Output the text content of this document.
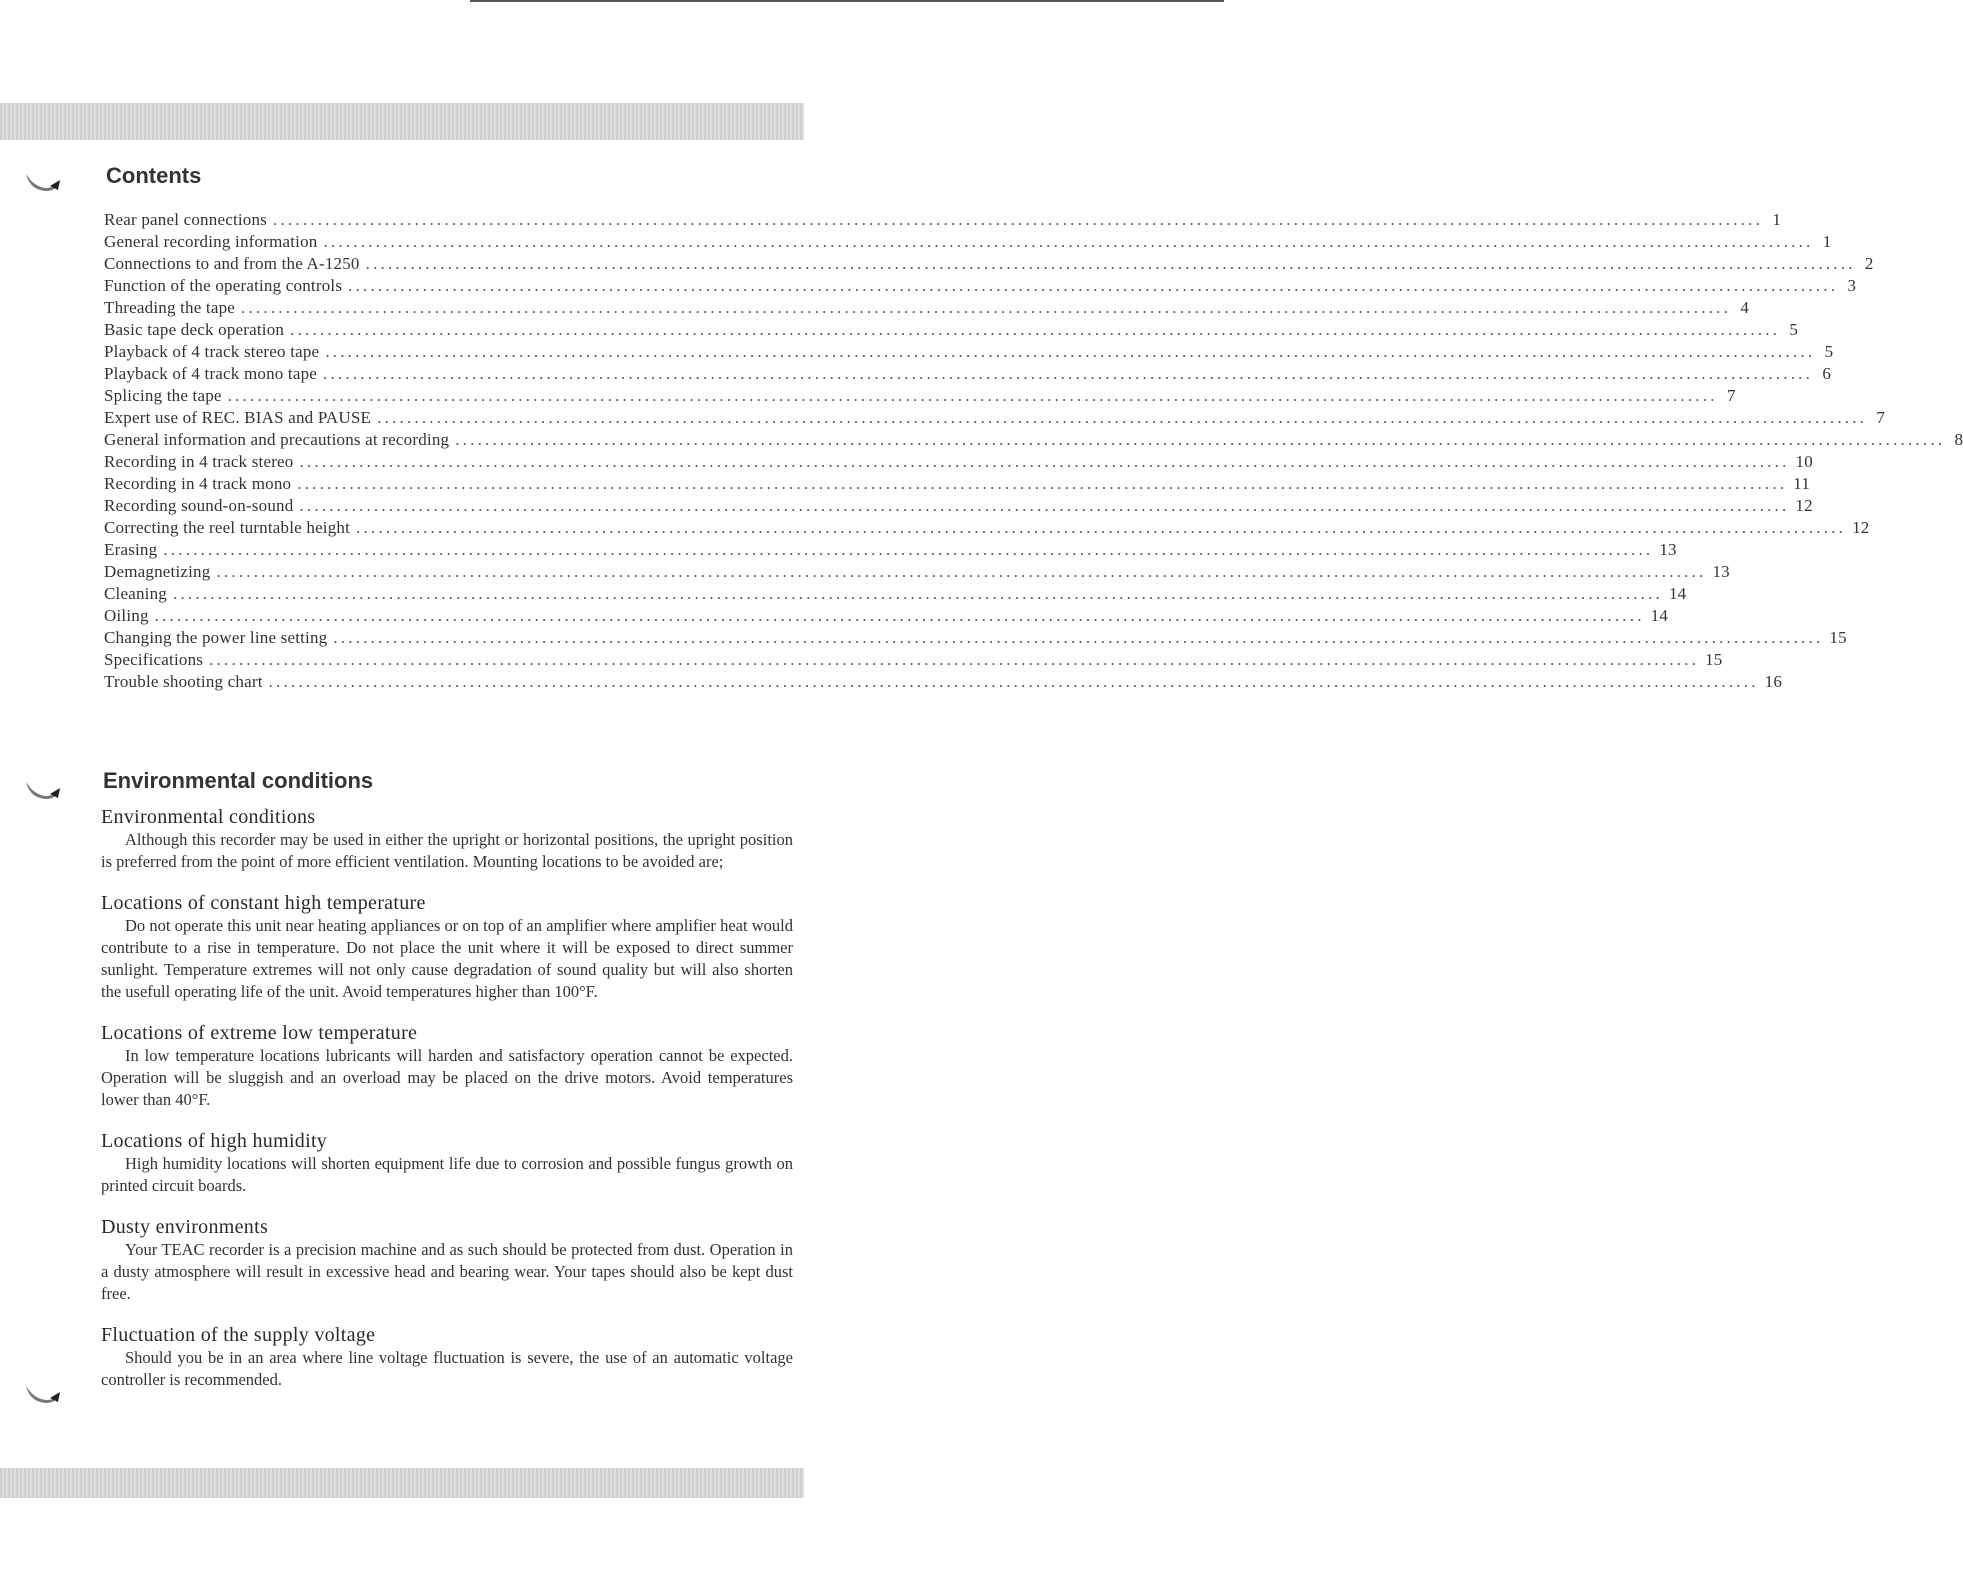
Contents
Rear panel connections ........................................................................................................................................................................................................ 1
General recording information ........................................................................................................................................................................................................ 1
Connections to and from the A-1250 ........................................................................................................................................................................................................ 2
Function of the operating controls ........................................................................................................................................................................................................ 3
Threading the tape ........................................................................................................................................................................................................ 4
Basic tape deck operation ........................................................................................................................................................................................................ 5
Playback of 4 track stereo tape ........................................................................................................................................................................................................ 5
Playback of 4 track mono tape ........................................................................................................................................................................................................ 6
Splicing the tape ........................................................................................................................................................................................................ 7
Expert use of REC. BIAS and PAUSE ........................................................................................................................................................................................................ 7
General information and precautions at recording ........................................................................................................................................................................................................ 8
Recording in 4 track stereo ........................................................................................................................................................................................................ 10
Recording in 4 track mono ........................................................................................................................................................................................................ 11
Recording sound-on-sound ........................................................................................................................................................................................................ 12
Correcting the reel turntable height ........................................................................................................................................................................................................ 12
Erasing ........................................................................................................................................................................................................ 13
Demagnetizing ........................................................................................................................................................................................................ 13
Cleaning ........................................................................................................................................................................................................ 14
Oiling ........................................................................................................................................................................................................ 14
Changing the power line setting ........................................................................................................................................................................................................ 15
Specifications ........................................................................................................................................................................................................ 15
Trouble shooting chart ........................................................................................................................................................................................................ 16
Environmental conditions
Environmental conditions

Although this recorder may be used in either the upright or horizontal positions, the upright position is preferred from the point of more efficient ventilation. Mounting locations to be avoided are;

Locations of constant high temperature

Do not operate this unit near heating appliances or on top of an amplifier where amplifier heat would contribute to a rise in temperature. Do not place the unit where it will be exposed to direct summer sunlight. Temperature extremes will not only cause degradation of sound quality but will also shorten the usefull operating life of the unit. Avoid temperatures higher than 100°F.

Locations of extreme low temperature

In low temperature locations lubricants will harden and satisfactory operation cannot be expected. Operation will be sluggish and an overload may be placed on the drive motors. Avoid temperatures lower than 40°F.

Locations of high humidity

High humidity locations will shorten equipment life due to corrosion and possible fungus growth on printed circuit boards.

Dusty environments

Your TEAC recorder is a precision machine and as such should be protected from dust. Operation in a dusty atmosphere will result in excessive head and bearing wear. Your tapes should also be kept dust free.

Fluctuation of the supply voltage

Should you be in an area where line voltage fluctuation is severe, the use of an automatic voltage controller is recommended.
